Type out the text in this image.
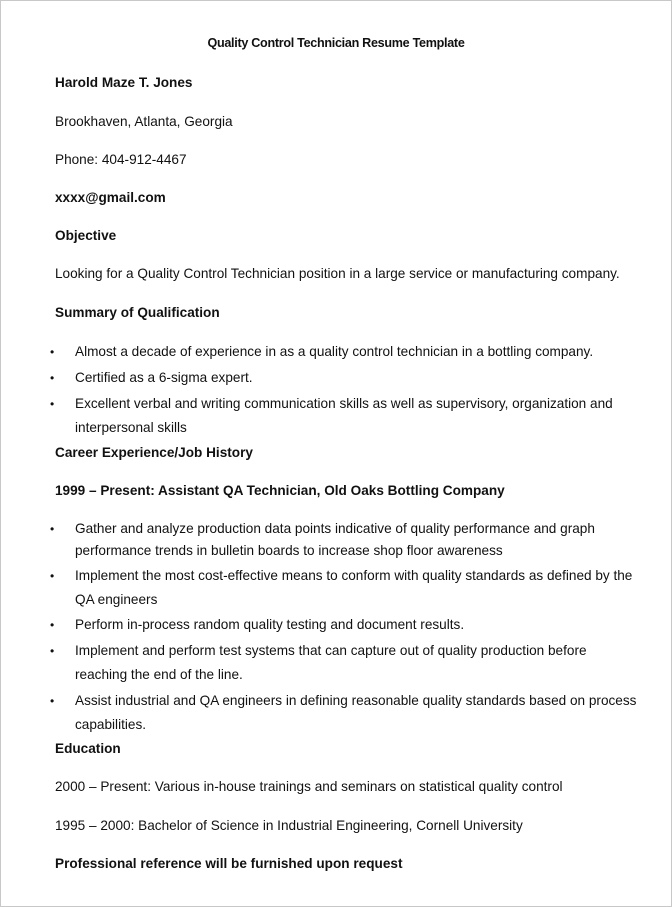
Quality Control Technician Resume Template
Harold Maze T. Jones
Brookhaven, Atlanta, Georgia
Phone: 404-912-4467
xxxx@gmail.com
Objective
Looking for a Quality Control Technician position in a large service or manufacturing company.
Summary of Qualification
• Almost a decade of experience in as a quality control technician in a bottling company.
• Certified as a 6-sigma expert.
• Excellent verbal and writing communication skills as well as supervisory, organization and interpersonal skills
Career Experience/Job History
1999 – Present: Assistant QA Technician, Old Oaks Bottling Company
• Gather and analyze production data points indicative of quality performance and graph performance trends in bulletin boards to increase shop floor awareness
• Implement the most cost-effective means to conform with quality standards as defined by the QA engineers
• Perform in-process random quality testing and document results.
• Implement and perform test systems that can capture out of quality production before reaching the end of the line.
• Assist industrial and QA engineers in defining reasonable quality standards based on process capabilities.
Education
2000 – Present: Various in-house trainings and seminars on statistical quality control
1995 – 2000: Bachelor of Science in Industrial Engineering, Cornell University
Professional reference will be furnished upon request
